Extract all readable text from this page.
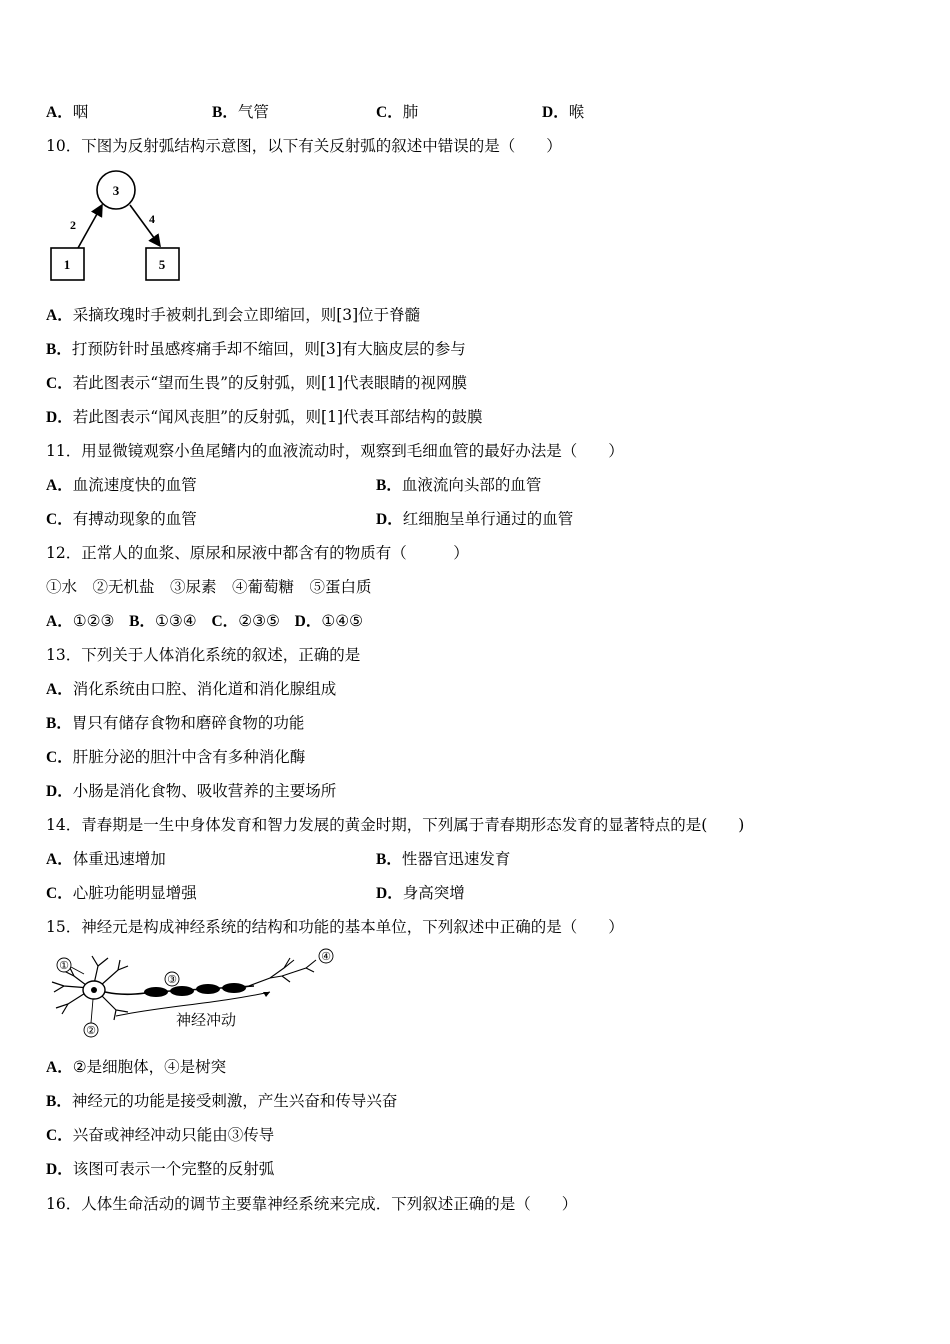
A．咽	B．气管	C．肺	D．喉
10．下图为反射弧结构示意图，以下有关反射弧的叙述中错误的是（　　）
3
1	5
2	4
A．采摘玫瑰时手被刺扎到会立即缩回，则[3]位于脊髓
B．打预防针时虽感疼痛手却不缩回，则[3]有大脑皮层的参与
C．若此图表示“望而生畏”的反射弧，则[1]代表眼睛的视网膜
D．若此图表示“闻风丧胆”的反射弧，则[1]代表耳部结构的鼓膜
11．用显微镜观察小鱼尾鳍内的血液流动时，观察到毛细血管的最好办法是（　　）
A．血流速度快的血管	B．血液流向头部的血管
C．有搏动现象的血管	D．红细胞呈单行通过的血管
12．正常人的血浆、原尿和尿液中都含有的物质有（　　　）
①水　②无机盐　③尿素　④葡萄糖　⑤蛋白质
A．①②③ B．①③④ C．②③⑤ D．①④⑤
13．下列关于人体消化系统的叙述，正确的是
A．消化系统由口腔、消化道和消化腺组成
B．胃只有储存食物和磨碎食物的功能
C．肝脏分泌的胆汁中含有多种消化酶
D．小肠是消化食物、吸收营养的主要场所
14．青春期是一生中身体发育和智力发展的黄金时期，下列属于青春期形态发育的显著特点的是(　　)
A．体重迅速增加	B．性器官迅速发育
C．心脏功能明显增强	D．身高突增
15．神经元是构成神经系统的结构和功能的基本单位，下列叙述中正确的是（　　）
①
②
③
④
神经冲动
A．②是细胞体，④是树突
B．神经元的功能是接受刺激，产生兴奋和传导兴奋
C．兴奋或神经冲动只能由③传导
D．该图可表示一个完整的反射弧
16．人体生命活动的调节主要靠神经系统来完成．下列叙述正确的是（　　）
